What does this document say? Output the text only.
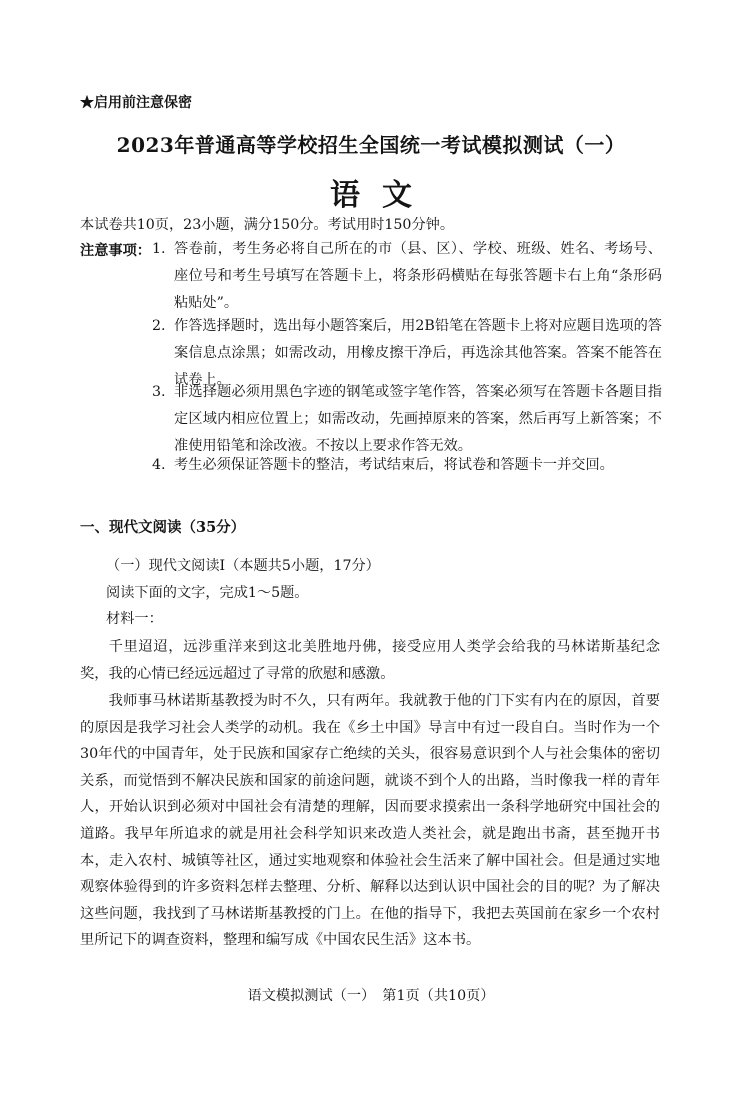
★启用前注意保密
2023年普通高等学校招生全国统一考试模拟测试（一）
语文
本试卷共10页，23小题，满分150分。考试用时150分钟。
注意事项： 1. 答卷前，考生务必将自己所在的市（县、区）、学校、班级、姓名、考场号、座位号和考生号填写在答题卡上，将条形码横贴在每张答题卡右上角“条形码粘贴处”。
2. 作答选择题时，选出每小题答案后，用2B铅笔在答题卡上将对应题目选项的答案信息点涂黑；如需改动，用橡皮擦干净后，再选涂其他答案。答案不能答在试卷上。
3. 非选择题必须用黑色字迹的钢笔或签字笔作答，答案必须写在答题卡各题目指定区域内相应位置上；如需改动，先画掉原来的答案，然后再写上新答案；不准使用铅笔和涂改液。不按以上要求作答无效。
4. 考生必须保证答题卡的整洁，考试结束后，将试卷和答题卡一并交回。
一、现代文阅读（35分）
（一）现代文阅读Ⅰ（本题共5小题，17分）
阅读下面的文字，完成1～5题。
材料一：
千里迢迢，远涉重洋来到这北美胜地丹佛，接受应用人类学会给我的马林诺斯基纪念奖，我的心情已经远远超过了寻常的欣慰和感激。
我师事马林诺斯基教授为时不久，只有两年。我就教于他的门下实有内在的原因，首要的原因是我学习社会人类学的动机。我在《乡土中国》导言中有过一段自白。当时作为一个30年代的中国青年，处于民族和国家存亡绝续的关头，很容易意识到个人与社会集体的密切关系，而觉悟到不解决民族和国家的前途问题，就谈不到个人的出路，当时像我一样的青年人，开始认识到必须对中国社会有清楚的理解，因而要求摸索出一条科学地研究中国社会的道路。我早年所追求的就是用社会科学知识来改造人类社会，就是跑出书斋，甚至抛开书本，走入农村、城镇等社区，通过实地观察和体验社会生活来了解中国社会。但是通过实地观察体验得到的许多资料怎样去整理、分析、解释以达到认识中国社会的目的呢？为了解决这些问题，我找到了马林诺斯基教授的门上。在他的指导下，我把去英国前在家乡一个农村里所记下的调查资料，整理和编写成《中国农民生活》这本书。
语文模拟测试（一）　第1页（共10页）
